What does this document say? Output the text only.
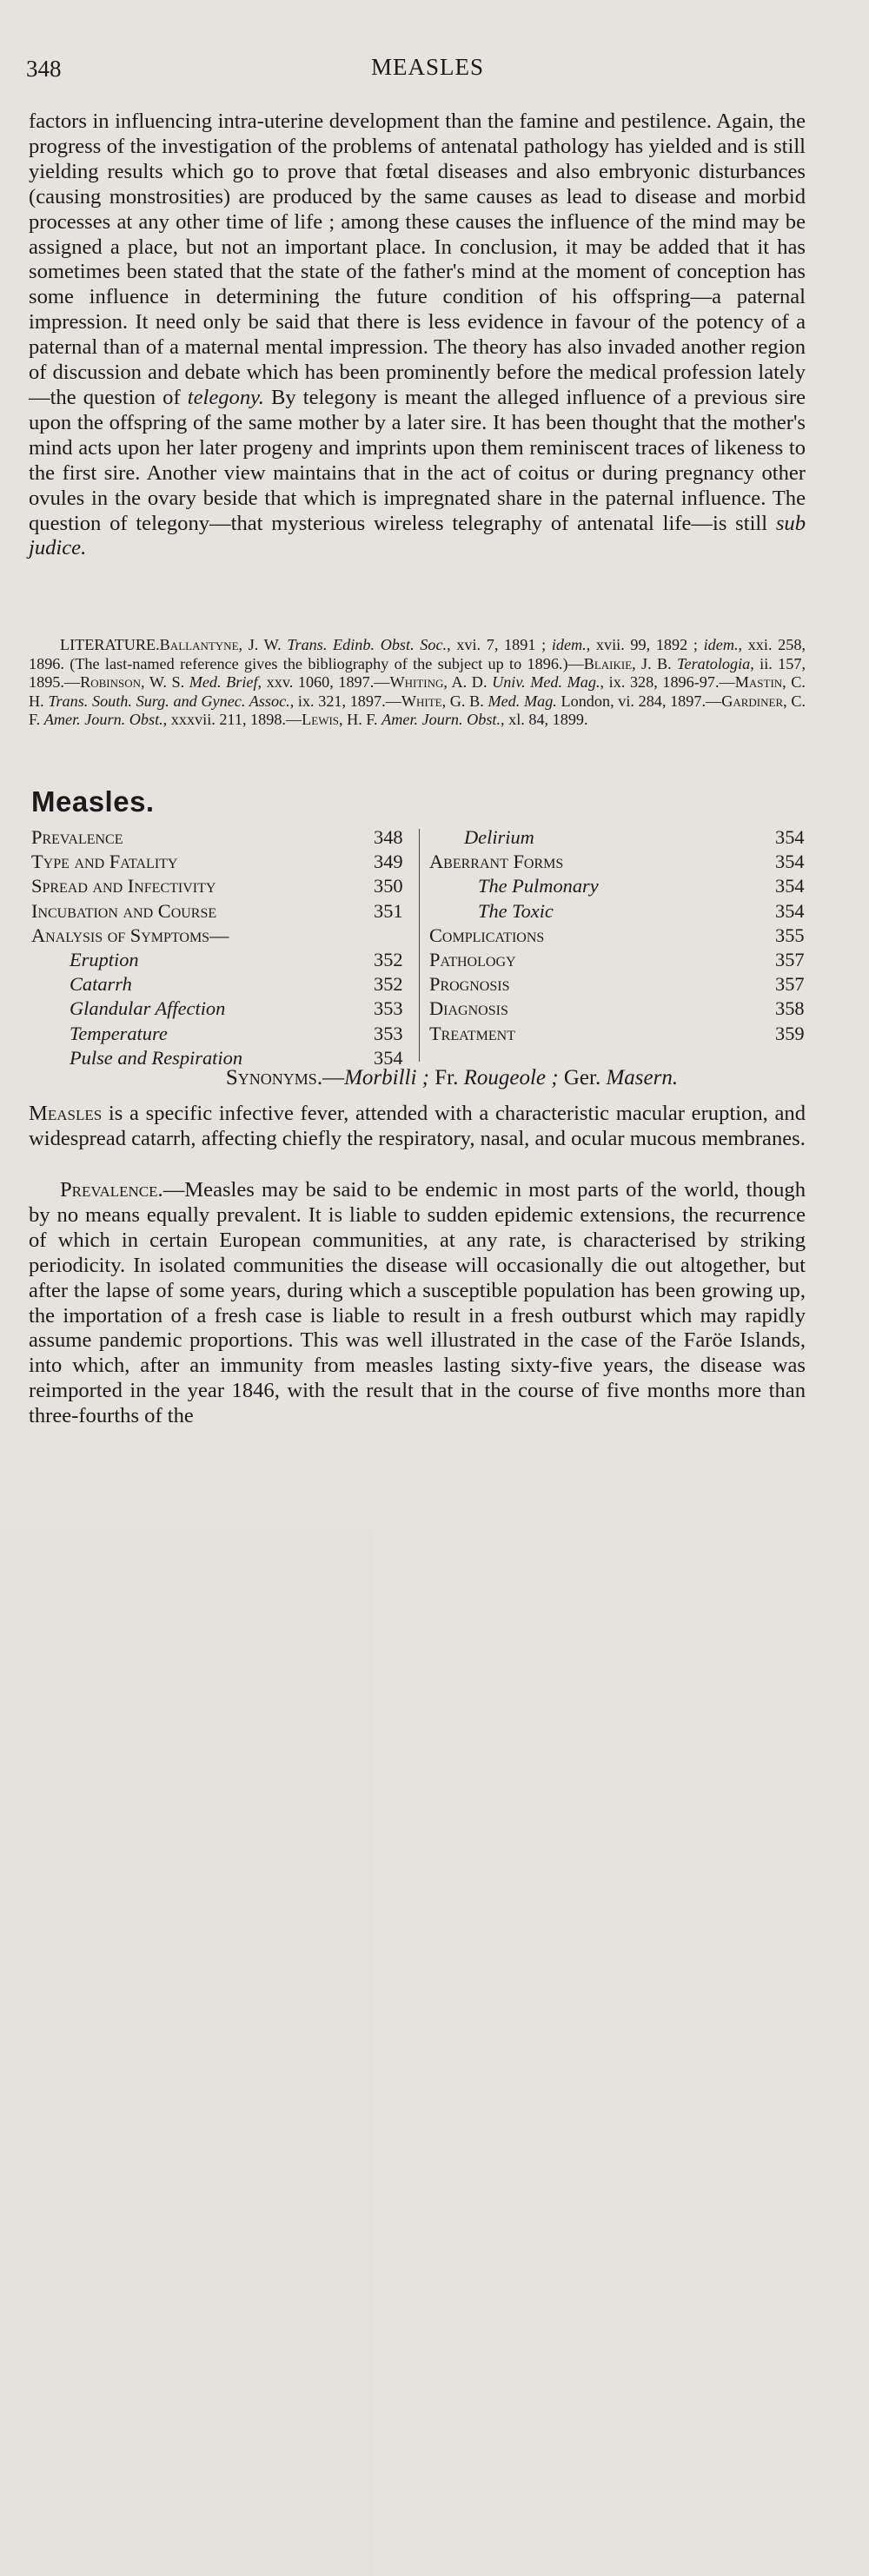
348	MEASLES

factors in influencing intra-uterine development than the famine and pestilence. Again, the progress of the investigation of the problems of antenatal pathology has yielded and is still yielding results which go to prove that fœtal diseases and also embryonic disturbances (causing monstrosities) are produced by the same causes as lead to disease and morbid processes at any other time of life ; among these causes the influence of the mind may be assigned a place, but not an important place. In conclusion, it may be added that it has sometimes been stated that the state of the father's mind at the moment of conception has some influence in determining the future condition of his offspring—a paternal impression. It need only be said that there is less evidence in favour of the potency of a paternal than of a maternal mental impression. The theory has also invaded another region of discussion and debate which has been prominently before the medical profession lately—the question of telegony. By telegony is meant the alleged influence of a previous sire upon the offspring of the same mother by a later sire. It has been thought that the mother's mind acts upon her later progeny and imprints upon them reminiscent traces of likeness to the first sire. Another view maintains that in the act of coitus or during pregnancy other ovules in the ovary beside that which is impregnated share in the paternal influence. The question of telegony—that mysterious wireless telegraphy of antenatal life—is still sub judice.

LITERATURE.Ballantyne, J. W. Trans. Edinb. Obst. Soc., xvi. 7, 1891 ; idem., xvii. 99, 1892 ; idem., xxi. 258, 1896. (The last-named reference gives the bibliography of the subject up to 1896.)—Blaikie, J. B. Teratologia, ii. 157, 1895.—Robinson, W. S. Med. Brief, xxv. 1060, 1897.—Whiting, A. D. Univ. Med. Mag., ix. 328, 1896-97.—Mastin, C. H. Trans. South. Surg. and Gynec. Assoc., ix. 321, 1897.—White, G. B. Med. Mag. London, vi. 284, 1897.—Gardiner, C. F. Amer. Journ. Obst., xxxvii. 211, 1898.—Lewis, H. F. Amer. Journ. Obst., xl. 84, 1899.

Measles.
Prevalence	348
Type and Fatality	349
Spread and Infectivity	350
Incubation and Course	351
Analysis of Symptoms—
Eruption	352
Catarrh	352
Glandular Affection	353
Temperature	353
Pulse and Respiration	354
Delirium	354
Aberrant Forms	354
The Pulmonary	354
The Toxic	354
Complications	355
Pathology	357
Prognosis	357
Diagnosis	358
Treatment	359
Synonyms.—Morbilli ; Fr. Rougeole ; Ger. Masern.

Measles is a specific infective fever, attended with a characteristic macular eruption, and widespread catarrh, affecting chiefly the respiratory, nasal, and ocular mucous membranes.

Prevalence.—Measles may be said to be endemic in most parts of the world, though by no means equally prevalent. It is liable to sudden epidemic extensions, the recurrence of which in certain European communities, at any rate, is characterised by striking periodicity. In isolated communities the disease will occasionally die out altogether, but after the lapse of some years, during which a susceptible population has been growing up, the importation of a fresh case is liable to result in a fresh outburst which may rapidly assume pandemic proportions. This was well illustrated in the case of the Faröe Islands, into which, after an immunity from measles lasting sixty-five years, the disease was reimported in the year 1846, with the result that in the course of five months more than three-fourths of the
